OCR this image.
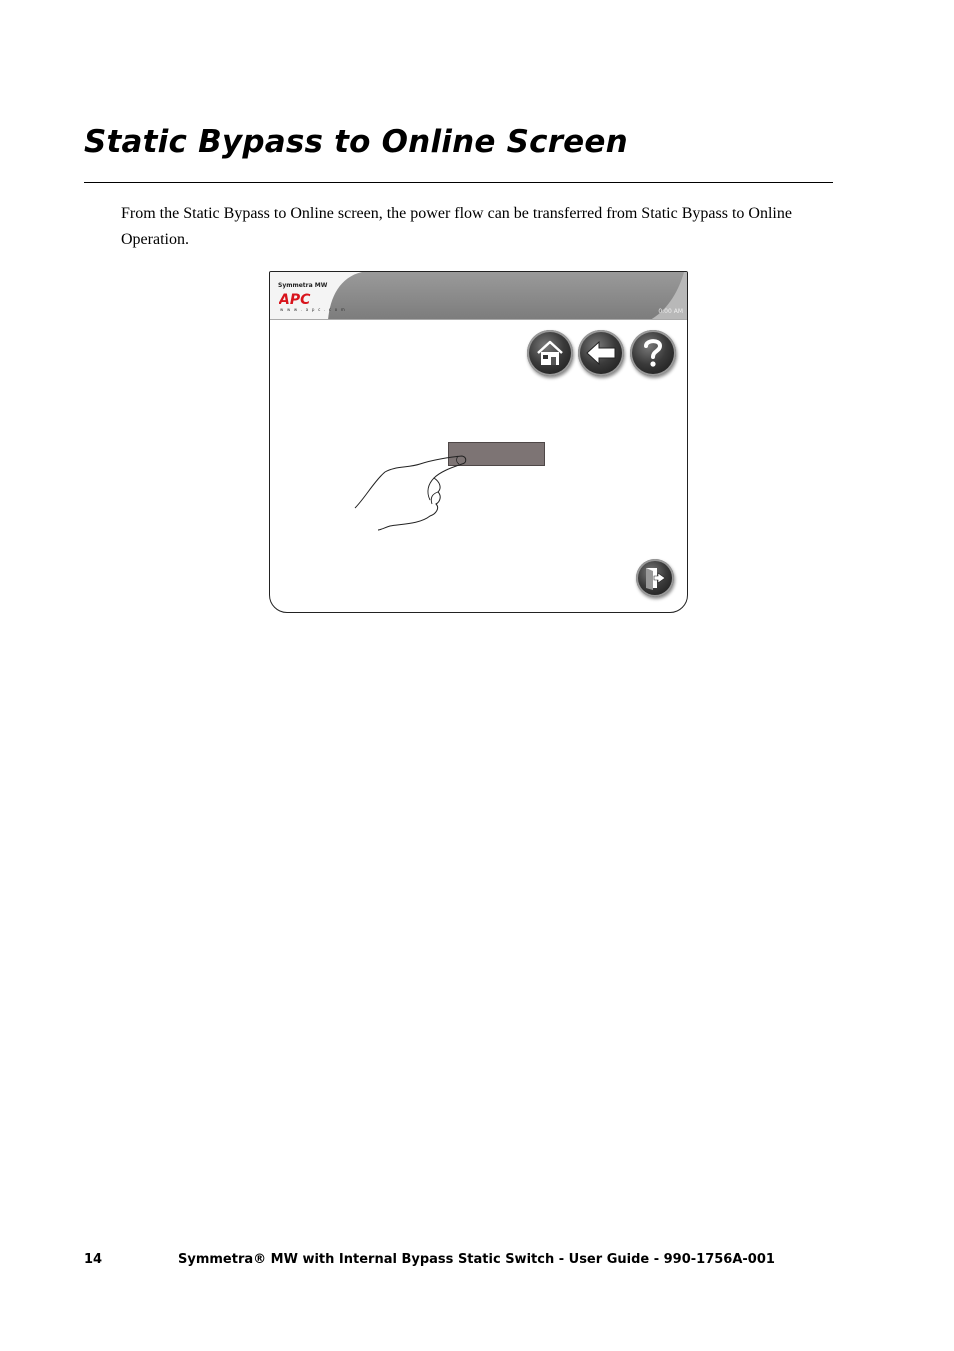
Static Bypass to Online Screen

From the Static Bypass to Online screen, the power flow can be transferred from Static Bypass to Online Operation.

Symmetra MW
APC
w w w . a p c . c o m	0:00 AM
14	Symmetra® MW with Internal Bypass Static Switch - User Guide - 990-1756A-001
